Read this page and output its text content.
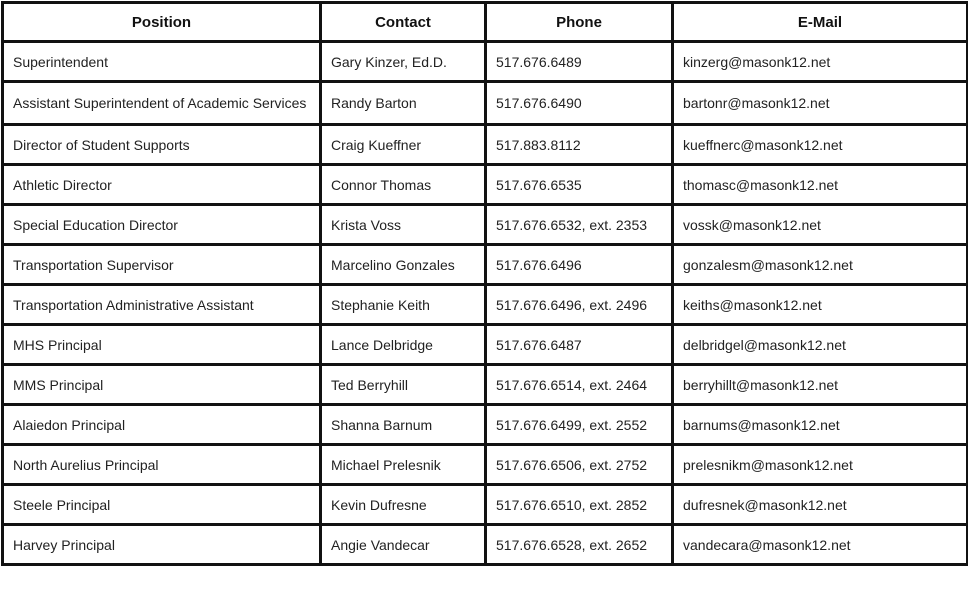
Position	Contact	Phone	E-Mail
Superintendent	Gary Kinzer, Ed.D.	517.676.6489	kinzerg@masonk12.net
Assistant Superintendent of Academic Services	Randy Barton	517.676.6490	bartonr@masonk12.net
Director of Student Supports	Craig Kueffner	517.883.8112	kueffnerc@masonk12.net
Athletic Director	Connor Thomas	517.676.6535	thomasc@masonk12.net
Special Education Director	Krista Voss	517.676.6532, ext. 2353	vossk@masonk12.net
Transportation Supervisor	Marcelino Gonzales	517.676.6496	gonzalesm@masonk12.net
Transportation Administrative Assistant	Stephanie Keith	517.676.6496, ext. 2496	keiths@masonk12.net
MHS Principal	Lance Delbridge	517.676.6487	delbridgel@masonk12.net
MMS Principal	Ted Berryhill	517.676.6514, ext. 2464	berryhillt@masonk12.net
Alaiedon Principal	Shanna Barnum	517.676.6499, ext. 2552	barnums@masonk12.net
North Aurelius Principal	Michael Prelesnik	517.676.6506, ext. 2752	prelesnikm@masonk12.net
Steele Principal	Kevin Dufresne	517.676.6510, ext. 2852	dufresnek@masonk12.net
Harvey Principal	Angie Vandecar	517.676.6528, ext. 2652	vandecara@masonk12.net
